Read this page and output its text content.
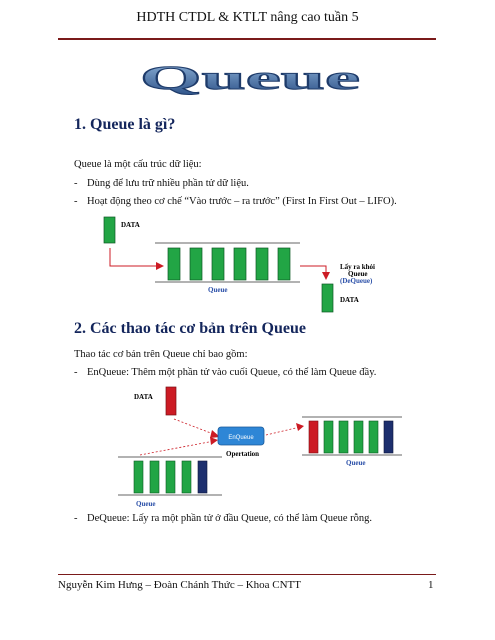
HDTH CTDL & KTLT nâng cao tuần 5
Queue
1. Queue là gì?
Queue là một cấu trúc dữ liệu:
- Dùng để lưu trữ nhiều phần tử dữ liệu.
- Hoạt động theo cơ chế “Vào trước – ra trước” (First In First Out – LIFO).
DATA
Queue
Lấy ra khỏi
Queue
(DeQueue)
DATA
2. Các thao tác cơ bản trên Queue
Thao tác cơ bản trên Queue chỉ bao gồm:
- EnQueue: Thêm một phần tử vào cuối Queue, có thể làm Queue đầy.
DATA
EnQueue
Opertation
Queue
Queue
- DeQueue: Lấy ra một phần tử ở đầu Queue, có thể làm Queue rỗng.
Nguyễn Kim Hưng – Đoàn Chánh Thức – Khoa CNTT	1
